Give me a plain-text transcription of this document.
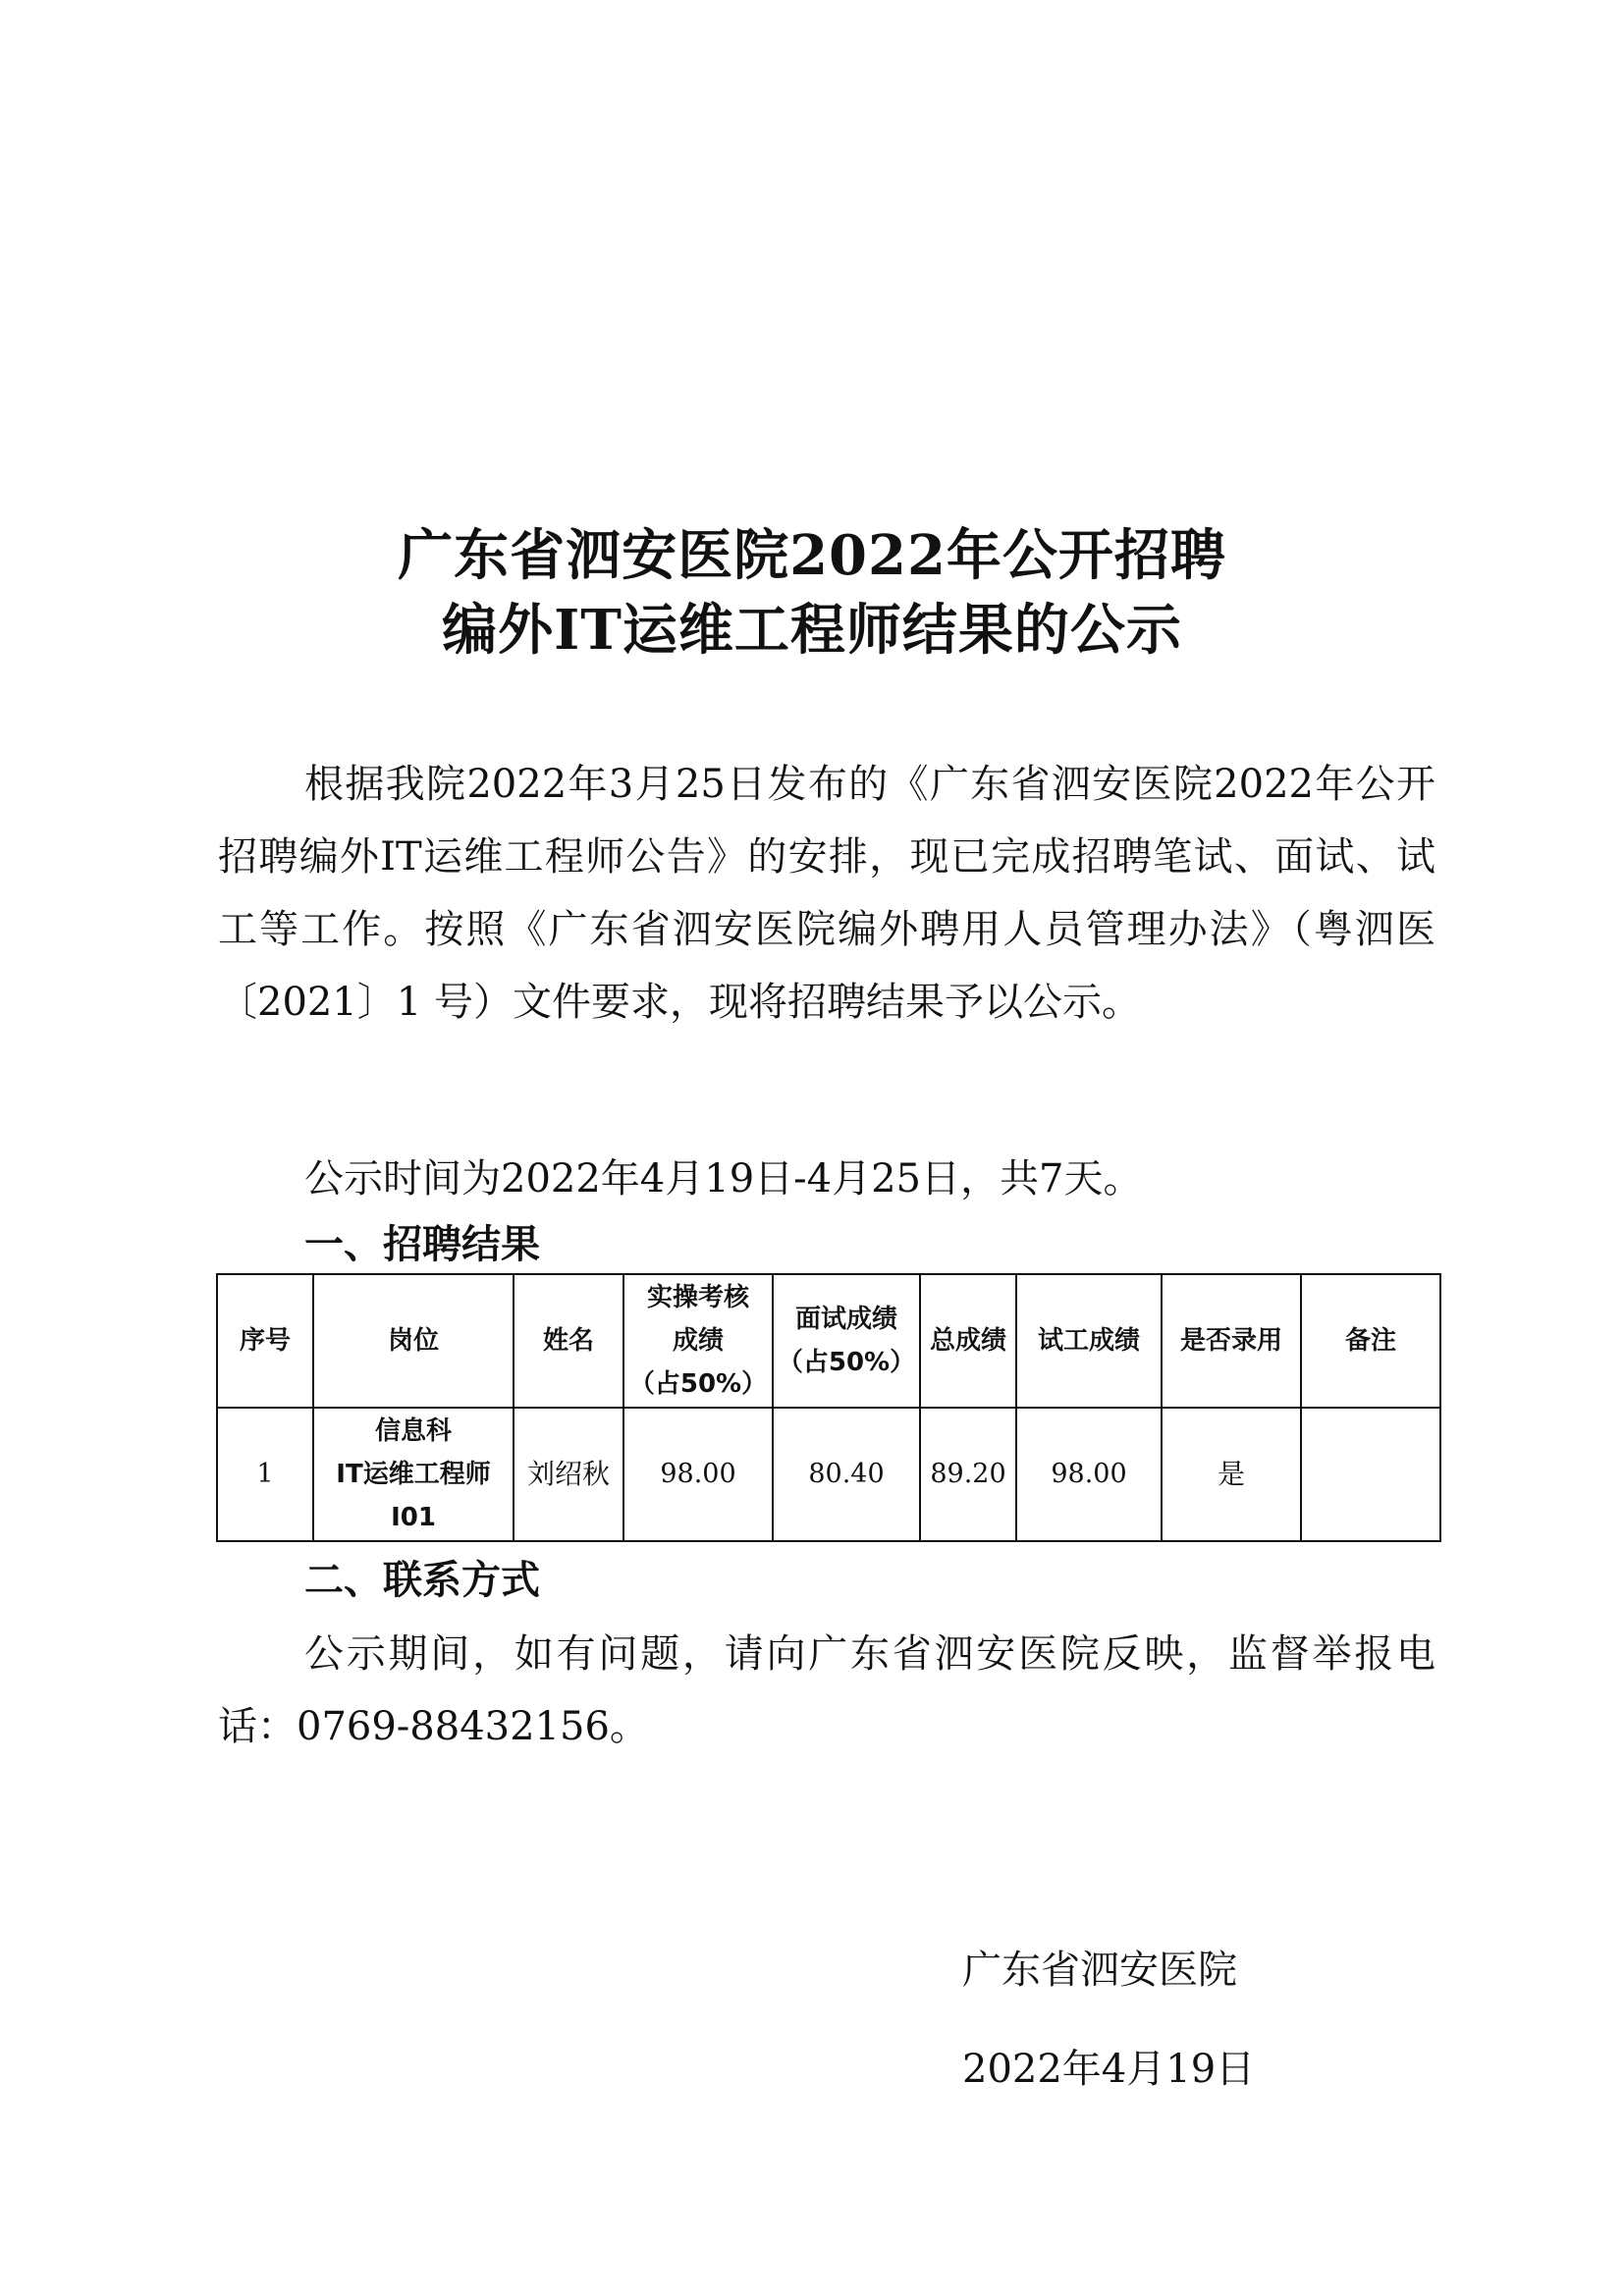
广东省泗安医院2022年公开招聘
编外IT运维工程师结果的公示

根据我院2022年3月25日发布的《广东省泗安医院2022年公开招聘编外IT运维工程师公告》的安排，现已完成招聘笔试、面试、试工等工作。按照《广东省泗安医院编外聘用人员管理办法》（粤泗医〔2021〕1 号）文件要求，现将招聘结果予以公示。

公示时间为2022年4月19日-4月25日，共7天。

一、招聘结果
序号	岗位	姓名	实操考核
成绩
（占50%）	面试成绩
（占50%）	总成绩	试工成绩	是否录用	备注
1	信息科
IT运维工程师
I01	刘绍秋	98.00	80.40	89.20	98.00	是	
二、联系方式

公示期间，如有问题，请向广东省泗安医院反映，监督举报电话：0769-88432156。

广东省泗安医院
2022年4月19日
